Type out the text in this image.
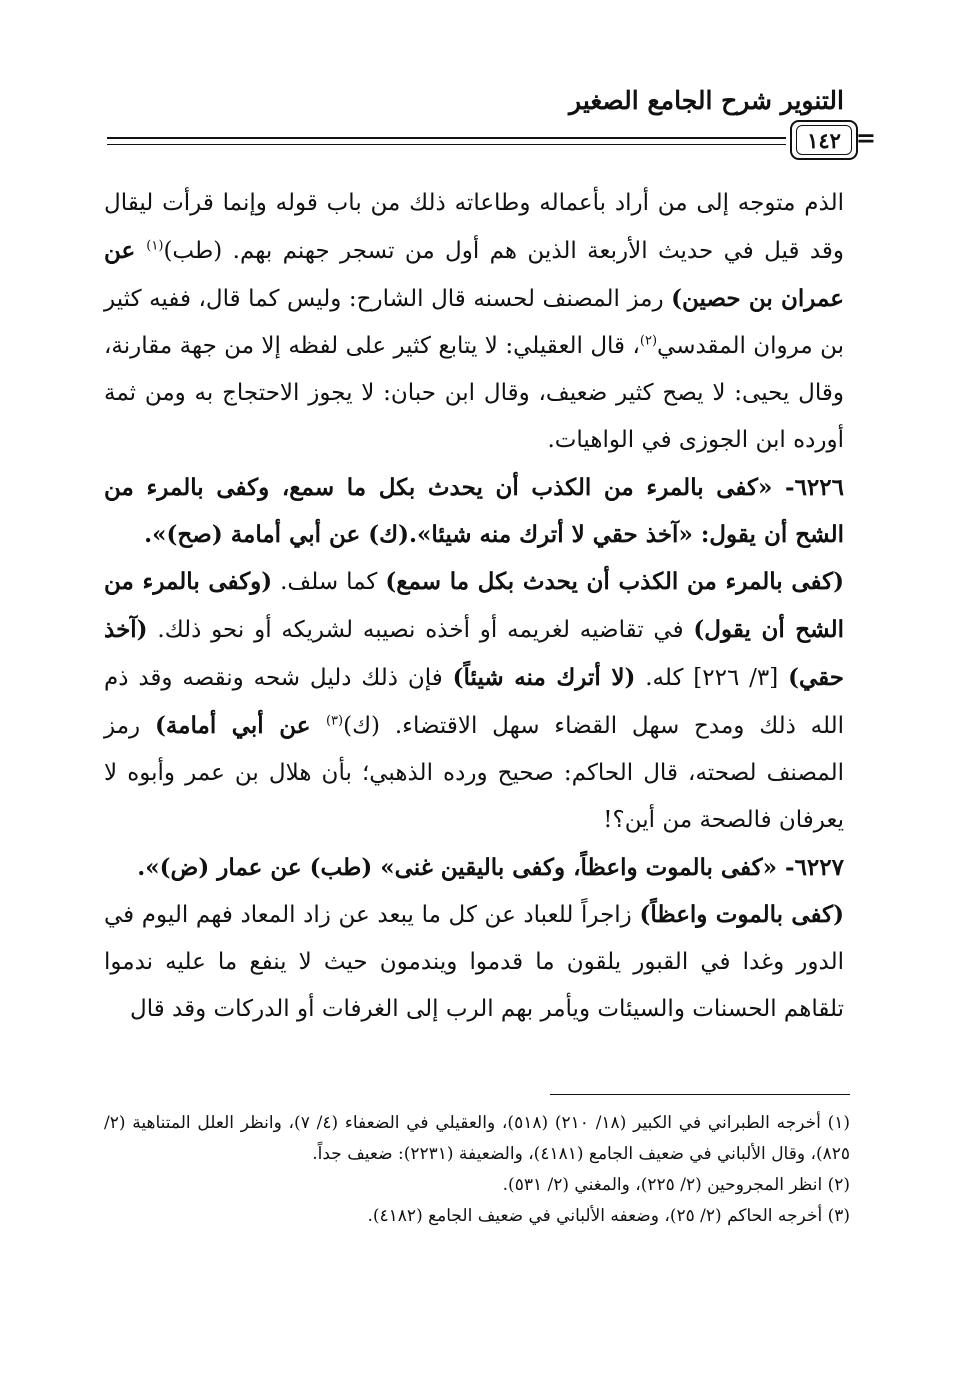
التنوير شرح الجامع الصغير
١٤٢ =

الذم متوجه إلى من أراد بأعماله وطاعاته ذلك من باب قوله وإنما قرأت ليقال وقد قيل في حديث الأربعة الذين هم أول من تسجر جهنم بهم. (طب)$^{(١)}$ عن عمران بن حصين) رمز المصنف لحسنه قال الشارح: وليس كما قال، ففيه كثير بن مروان المقدسي$^{(٢)}$، قال العقيلي: لا يتابع كثير على لفظه إلا من جهة مقارنة، وقال يحيى: لا يصح كثير ضعيف، وقال ابن حبان: لا يجوز الاحتجاج به ومن ثمة أورده ابن الجوزى في الواهيات.

٦٢٢٦- «كفى بالمرء من الكذب أن يحدث بكل ما سمع، وكفى بالمرء من الشح أن يقول: «آخذ حقي لا أترك منه شيئا».(ك) عن أبي أمامة (صح)».

(كفى بالمرء من الكذب أن يحدث بكل ما سمع) كما سلف. (وكفى بالمرء من الشح أن يقول) في تقاضيه لغريمه أو أخذه نصيبه لشريكه أو نحو ذلك. (آخذ حقي) [٣/ ٢٢٦] كله. (لا أترك منه شيئاً) فإن ذلك دليل شحه ونقصه وقد ذم الله ذلك ومدح سهل القضاء سهل الاقتضاء. (ك)$^{(٣)}$ عن أبي أمامة) رمز المصنف لصحته، قال الحاكم: صحيح ورده الذهبي؛ بأن هلال بن عمر وأبوه لا يعرفان فالصحة من أين؟!

٦٢٢٧- «كفى بالموت واعظاً، وكفى باليقين غنى» (طب) عن عمار (ض)».

(كفى بالموت واعظاً) زاجراً للعباد عن كل ما يبعد عن زاد المعاد فهم اليوم في الدور وغدا في القبور يلقون ما قدموا ويندمون حيث لا ينفع ما عليه ندموا تلقاهم الحسنات والسيئات ويأمر بهم الرب إلى الغرفات أو الدركات وقد قال

(١) أخرجه الطبراني في الكبير (١٨/ ٢١٠) (٥١٨)، والعقيلي في الضعفاء (٤/ ٧)، وانظر العلل المتناهية (٢/ ٨٢٥)، وقال الألباني في ضعيف الجامع (٤١٨١)، والضعيفة (٢٢٣١): ضعيف جداً.

(٢) انظر المجروحين (٢/ ٢٢٥)، والمغني (٢/ ٥٣١).

(٣) أخرجه الحاكم (٢/ ٢٥)، وضعفه الألباني في ضعيف الجامع (٤١٨٢).
